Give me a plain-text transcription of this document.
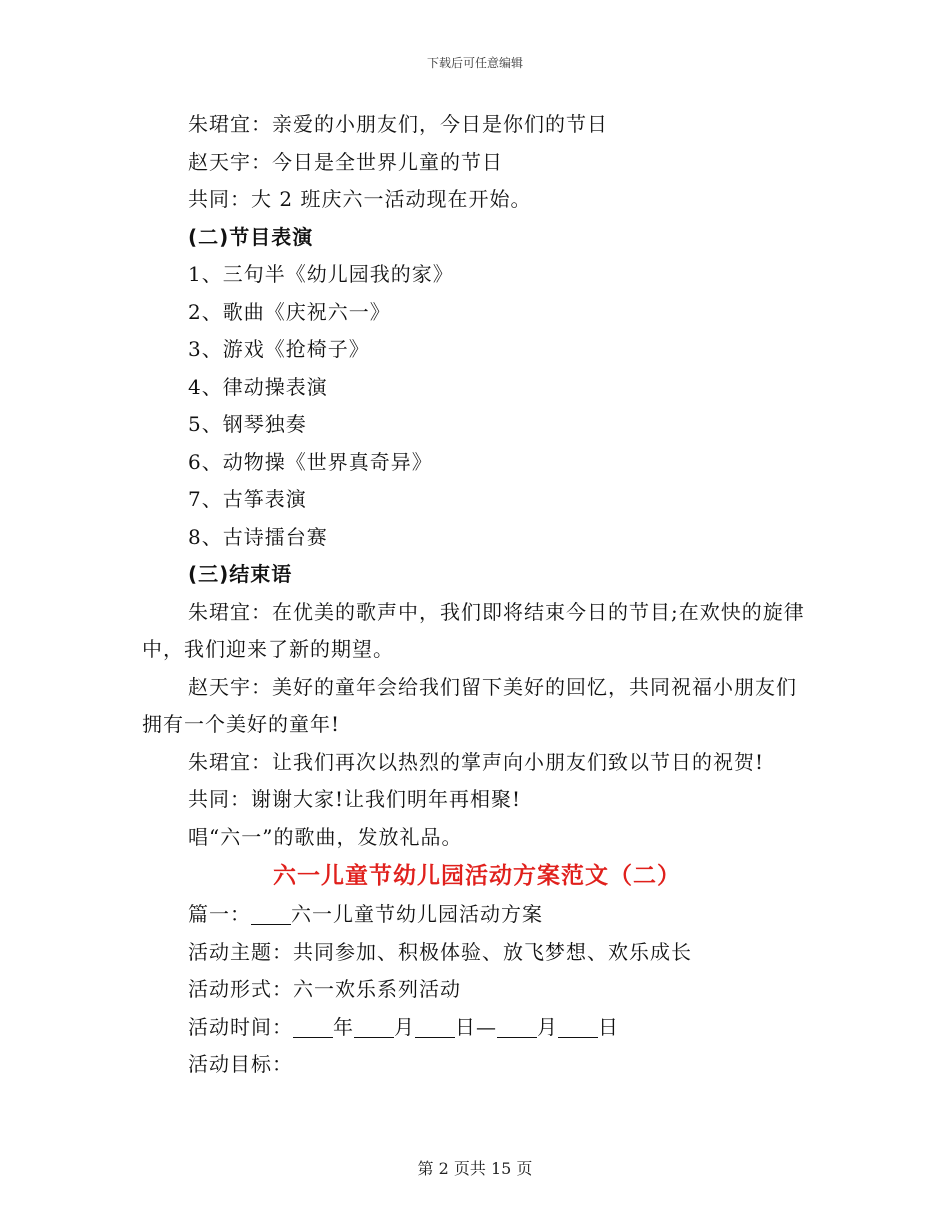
下载后可任意编辑
朱珺宜：亲爱的小朋友们，今日是你们的节日
赵天宇：今日是全世界儿童的节日
共同：大 2 班庆六一活动现在开始。
(二)节目表演
1、三句半《幼儿园我的家》
2、歌曲《庆祝六一》
3、游戏《抢椅子》
4、律动操表演
5、钢琴独奏
6、动物操《世界真奇异》
7、古筝表演
8、古诗擂台赛
(三)结束语
朱珺宜：在优美的歌声中，我们即将结束今日的节目;在欢快的旋律中，我们迎来了新的期望。
赵天宇：美好的童年会给我们留下美好的回忆，共同祝福小朋友们拥有一个美好的童年!
朱珺宜：让我们再次以热烈的掌声向小朋友们致以节日的祝贺!
共同：谢谢大家!让我们明年再相聚!
唱“六一”的歌曲，发放礼品。
六一儿童节幼儿园活动方案范文（二）
篇一： 六一儿童节幼儿园活动方案
活动主题：共同参加、积极体验、放飞梦想、欢乐成长
活动形式：六一欢乐系列活动
活动时间： 年 月 日— 月 日
活动目标：
第 2 页共 15 页
